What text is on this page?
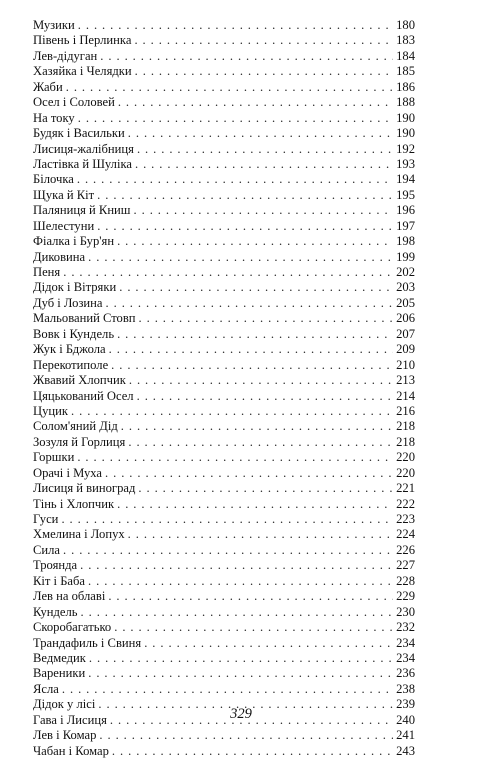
Музики . . .	180
Півень і Перлинка . . .	183
Лев-дідуган . . .	184
Хазяйка і Челядки . . .	185
Жаби . . .	186
Осел і Соловей . . .	188
На току . . .	190
Будяк і Васильки . . .	190
Лисиця-жалібниця . . .	192
Ластівка й Шуліка . . .	193
Білочка . . .	194
Щука й Кіт . . .	195
Паляниця й Книш . . .	196
Шелестуни . . .	197
Фіалка і Бур'ян . . .	198
Диковина . . .	199
Пеня . . .	202
Дідок і Вітряки . . .	203
Дуб і Лозина . . .	205
Мальований Стовп . . .	206
Вовк і Кундель . . .	207
Жук і Бджола . . .	209
Перекотиполе . . .	210
Жвавий Хлопчик . . .	213
Цяцькований Осел . . .	214
Цуцик . . .	216
Солом'яний Дід . . .	218
Зозуля й Горлиця . . .	218
Горшки . . .	220
Орачі і Муха . . .	220
Лисиця й виноград . . .	221
Тінь і Хлопчик . . .	222
Гуси . . .	223
Хмелина і Лопух . . .	224
Сила . . .	226
Троянда . . .	227
Кіт і Баба . . .	228
Лев на облаві . . .	229
Кундель . . .	230
Скоробагатько . . .	232
Трандафиль і Свиня . . .	234
Ведмедик . . .	234
Вареники . . .	236
Ясла . . .	238
Дідок у лісі . . .	239
Гава і Лисиця . . .	240
Лев і Комар . . .	241
Чабан і Комар . . .	243
329
